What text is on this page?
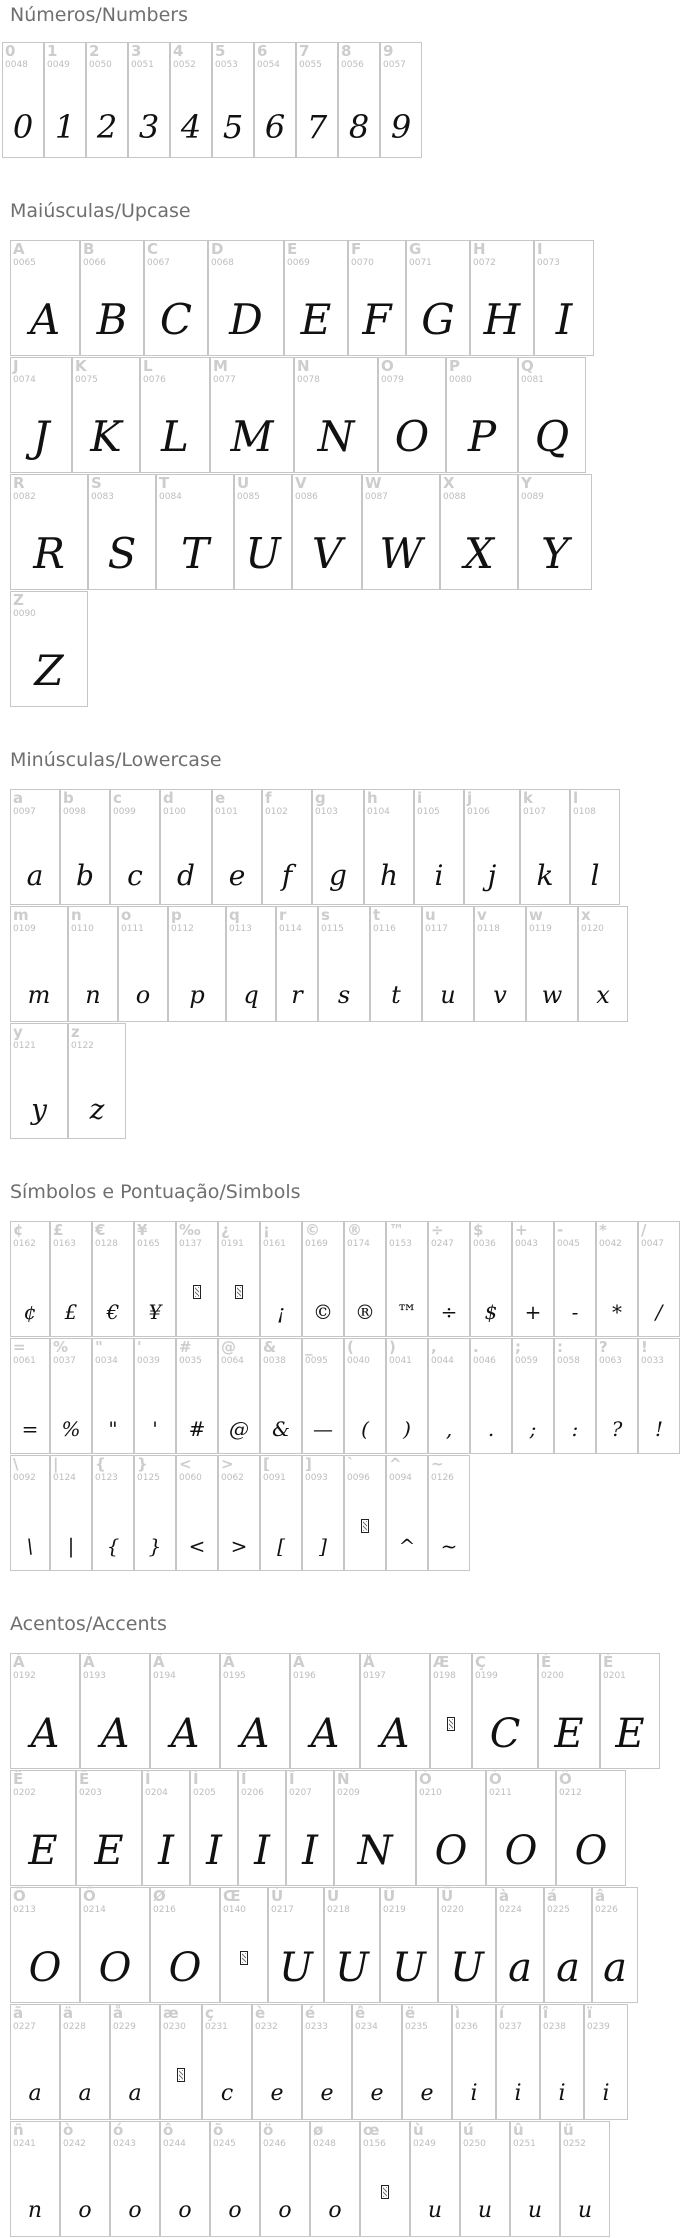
Números/Numbers
0
0048
0
1
0049
1
2
0050
2
3
0051
3
4
0052
4
5
0053
5
6
0054
6
7
0055
7
8
0056
8
9
0057
9
Maiúsculas/Upcase
A
0065
A
B
0066
B
C
0067
C
D
0068
D
E
0069
E
F
0070
F
G
0071
G
H
0072
H
I
0073
I
J
0074
J
K
0075
K
L
0076
L
M
0077
M
N
0078
N
O
0079
O
P
0080
P
Q
0081
Q
R
0082
R
S
0083
S
T
0084
T
U
0085
U
V
0086
V
W
0087
W
X
0088
X
Y
0089
Y
Z
0090
Z
Minúsculas/Lowercase
a
0097
a
b
0098
b
c
0099
c
d
0100
d
e
0101
e
f
0102
f
g
0103
g
h
0104
h
i
0105
i
j
0106
j
k
0107
k
l
0108
l
m
0109
m
n
0110
n
o
0111
o
p
0112
p
q
0113
q
r
0114
r
s
0115
s
t
0116
t
u
0117
u
v
0118
v
w
0119
w
x
0120
x
y
0121
y
z
0122
z
Símbolos e Pontuação/Simbols
¢
0162
¢
£
0163
£
€
0128
€
¥
0165
¥
‰
0137
¿
0191
¡
0161
¡
©
0169
©
®
0174
®
™
0153
™
÷
0247
÷
$
0036
$
+
0043
+
-
0045
-
*
0042
*
/
0047
/
=
0061
=
%
0037
%
"
0034
"
'
0039
'
#
0035
#
@
0064
@
&
0038
&
_
0095
—
(
0040
(
)
0041
)
,
0044
,
.
0046
.
;
0059
;
:
0058
:
?
0063
?
!
0033
!
\
0092
\
|
0124
|
{
0123
{
}
0125
}
<
0060
<
>
0062
>
[
0091
[
]
0093
]
`
0096
^
0094
^
~
0126
~
Acentos/Accents
À
0192
A
Á
0193
A
Â
0194
A
Ã
0195
A
Ä
0196
A
Å
0197
A
Æ
0198
Ç
0199
C
È
0200
E
É
0201
E
Ê
0202
E
Ë
0203
E
Ì
0204
I
Í
0205
I
Î
0206
I
Ï
0207
I
Ñ
0209
N
Ò
0210
O
Ó
0211
O
Ô
0212
O
Õ
0213
O
Ö
0214
O
Ø
0216
O
Œ
0140
Ù
0217
U
Ú
0218
U
Û
0219
U
Ü
0220
U
à
0224
a
á
0225
a
â
0226
a
ã
0227
a
ä
0228
a
å
0229
a
æ
0230
ç
0231
c
è
0232
e
é
0233
e
ê
0234
e
ë
0235
e
ì
0236
i
í
0237
i
î
0238
i
ï
0239
i
ñ
0241
n
ò
0242
o
ó
0243
o
ô
0244
o
õ
0245
o
ö
0246
o
ø
0248
o
œ
0156
ù
0249
u
ú
0250
u
û
0251
u
ü
0252
u
